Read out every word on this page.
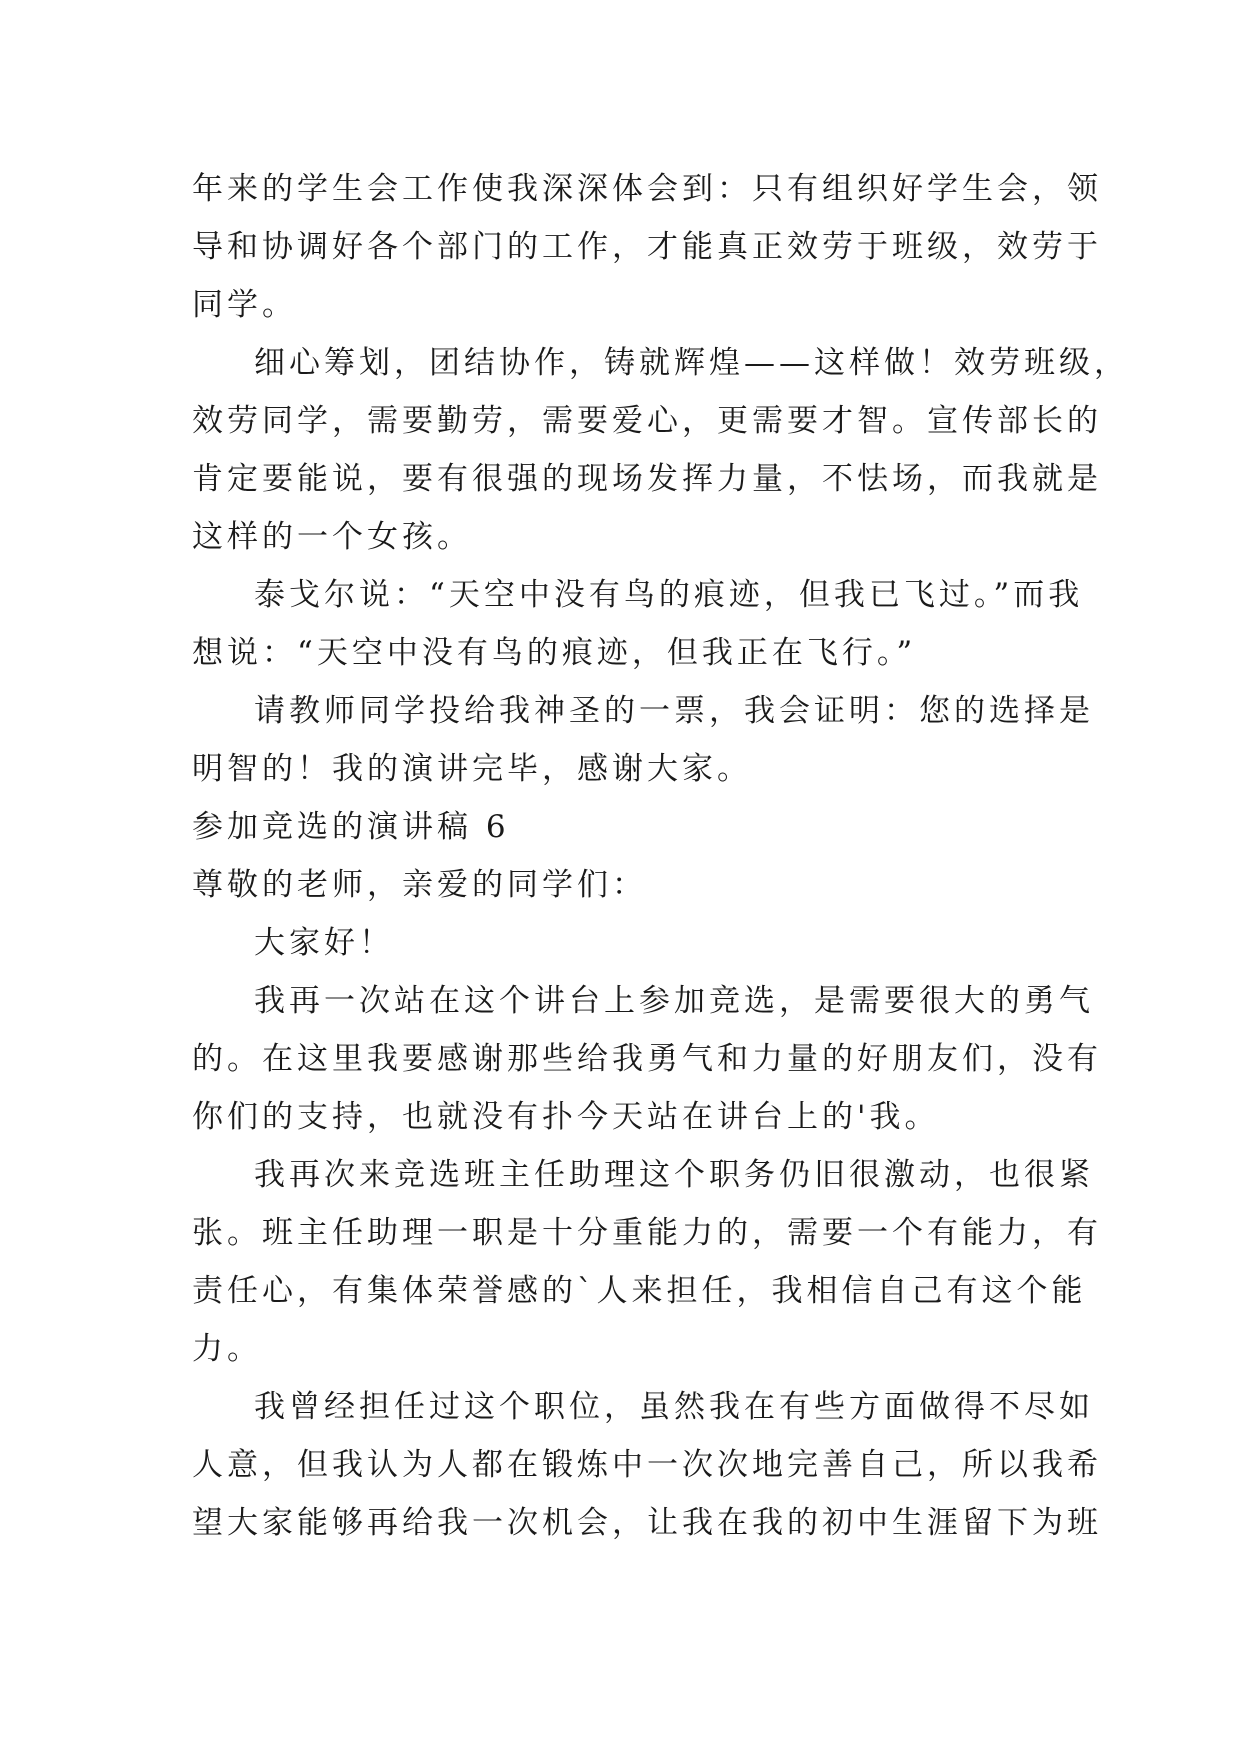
年来的学生会工作使我深深体会到：只有组织好学生会，领
导和协调好各个部门的工作，才能真正效劳于班级，效劳于
同学。
细心筹划，团结协作，铸就辉煌——这样做！效劳班级，
效劳同学，需要勤劳，需要爱心，更需要才智。宣传部长的
肯定要能说，要有很强的现场发挥力量，不怯场，而我就是
这样的一个女孩。
泰戈尔说：“天空中没有鸟的痕迹，但我已飞过。”而我
想说：“天空中没有鸟的痕迹，但我正在飞行。”
请教师同学投给我神圣的一票，我会证明：您的选择是
明智的！我的演讲完毕，感谢大家。
参加竞选的演讲稿 6
尊敬的老师，亲爱的同学们：
大家好！
我再一次站在这个讲台上参加竞选，是需要很大的勇气
的。在这里我要感谢那些给我勇气和力量的好朋友们，没有
你们的支持，也就没有扑今天站在讲台上的'我。
我再次来竞选班主任助理这个职务仍旧很激动，也很紧
张。班主任助理一职是十分重能力的，需要一个有能力，有
责任心，有集体荣誉感的`人来担任，我相信自己有这个能
力。
我曾经担任过这个职位，虽然我在有些方面做得不尽如
人意，但我认为人都在锻炼中一次次地完善自己，所以我希
望大家能够再给我一次机会，让我在我的初中生涯留下为班
